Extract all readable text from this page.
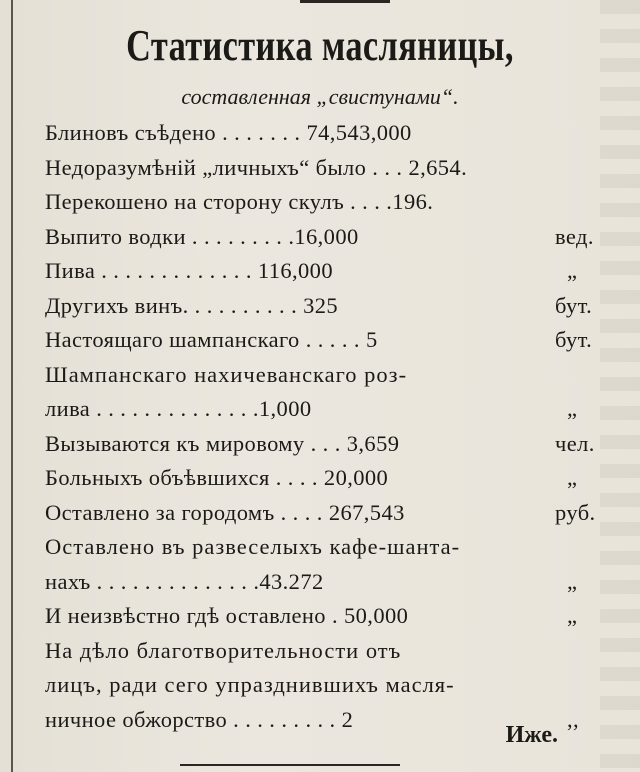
Статистика масляницы,
составленная „свистунами“.
Блиновъ съѣдено . . . . . . . 74,543,000
Недоразумѣній „личныхъ“ было . . . 2,654.
Перекошено на сторону скулъ . . . .196.
Выпито водки . . . . . . . . .16,000	вед.
Пива . . . . . . . . . . . . . 116,000	„
Другихъ винъ. . . . . . . . . . 325	бут.
Настоящаго шампанскаго . . . . . 5	бут.
Шампанскаго нахичеванскаго роз-
лива . . . . . . . . . . . . . .1,000	„
Вызываются къ мировому . . . 3,659	чел.
Больныхъ объѣвшихся . . . . 20,000	„
Оставлено за городомъ . . . . 267,543	руб.
Оставлено въ развеселыхъ кафе-шанта-
нахъ . . . . . . . . . . . . . .43.272	„
И неизвѣстно гдѣ оставлено . 50,000	„
На дѣло благотворительности отъ
лицъ, ради сего упразднившихъ масля-
ничное обжорство . . . . . . . . . 2	,,
Иже.
